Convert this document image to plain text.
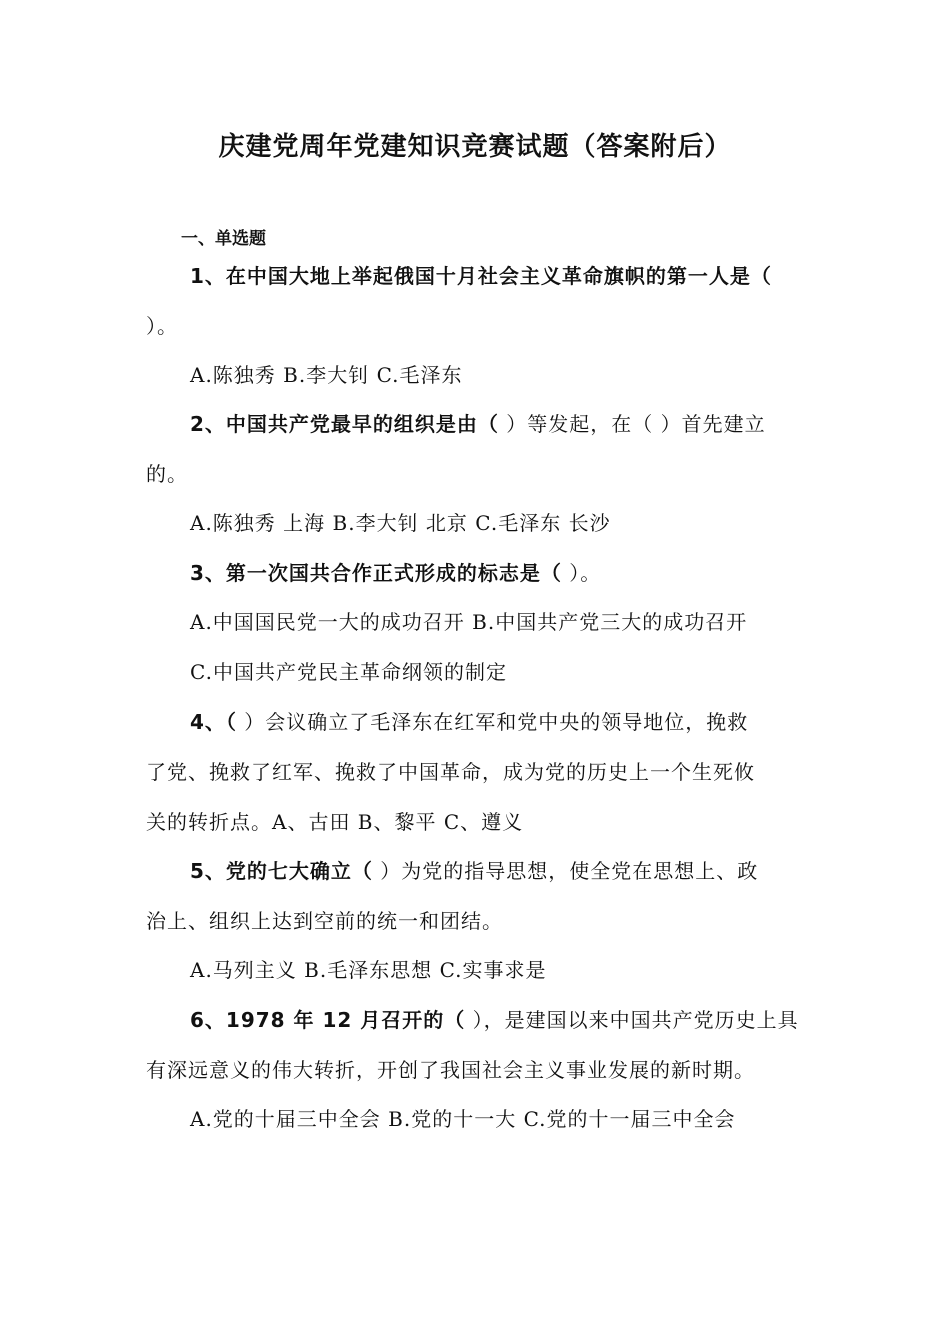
庆建党周年党建知识竞赛试题（答案附后）
一、单选题
1、在中国大地上举起俄国十月社会主义革命旗帜的第一人是（
）。
A.陈独秀 B.李大钊 C.毛泽东
2、中国共产党最早的组织是由（ ）等发起，在（ ）首先建立
的。
A.陈独秀 上海 B.李大钊 北京 C.毛泽东 长沙
3、第一次国共合作正式形成的标志是（ ）。
A.中国国民党一大的成功召开 B.中国共产党三大的成功召开
C.中国共产党民主革命纲领的制定
4、（ ）会议确立了毛泽东在红军和党中央的领导地位，挽救
了党、挽救了红军、挽救了中国革命，成为党的历史上一个生死攸
关的转折点。A、古田 B、黎平 C、遵义
5、党的七大确立（ ）为党的指导思想，使全党在思想上、政
治上、组织上达到空前的统一和团结。
A.马列主义 B.毛泽东思想 C.实事求是
6、1978 年 12 月召开的（ ），是建国以来中国共产党历史上具
有深远意义的伟大转折，开创了我国社会主义事业发展的新时期。
A.党的十届三中全会 B.党的十一大 C.党的十一届三中全会
